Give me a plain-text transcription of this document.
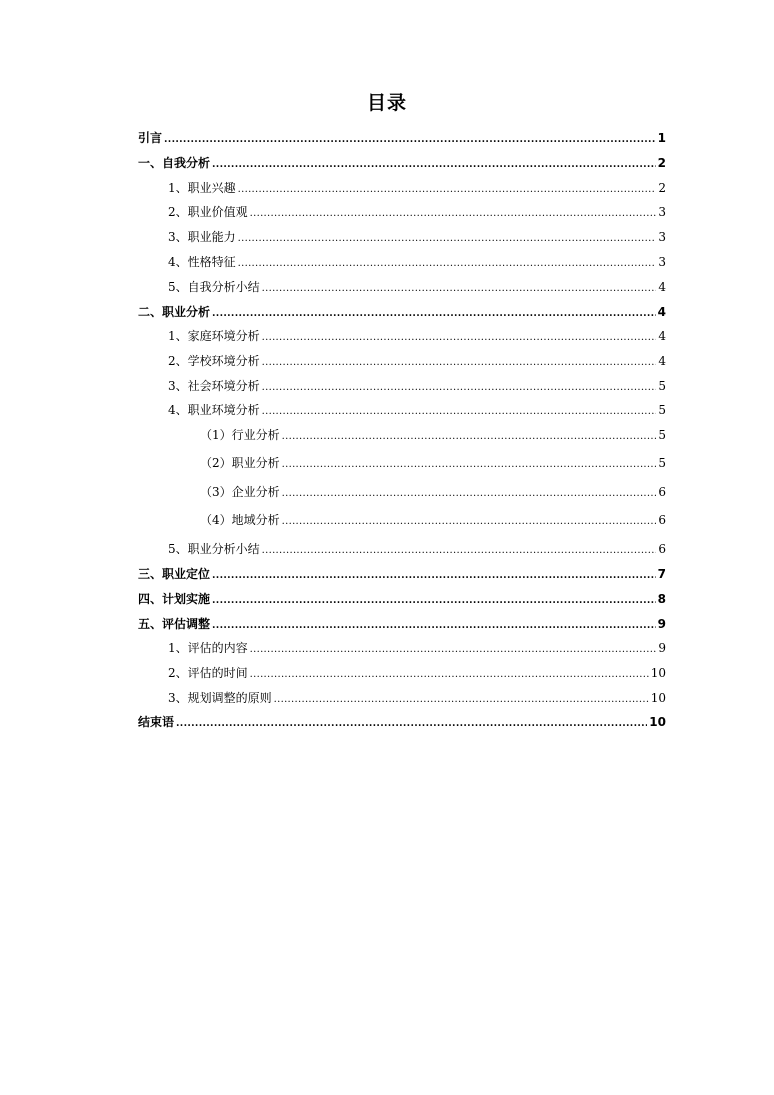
目录
引言 .....	1
一、自我分析 .....	2
1、职业兴趣 .....	2
2、职业价值观 .....	3
3、职业能力 .....	3
4、性格特征 .....	3
5、自我分析小结 .....	4
二、职业分析 .....	4
1、家庭环境分析 .....	4
2、学校环境分析 .....	4
3、社会环境分析 .....	5
4、职业环境分析 .....	5
（1）行业分析 .....	5
（2）职业分析 .....	5
（3）企业分析 .....	6
（4）地域分析 .....	6
5、职业分析小结 .....	6
三、职业定位 .....	7
四、计划实施 .....	8
五、评估调整 .....	9
1、评估的内容 .....	9
2、评估的时间 .....	10
3、规划调整的原则 .....	10
结束语 .....	10
